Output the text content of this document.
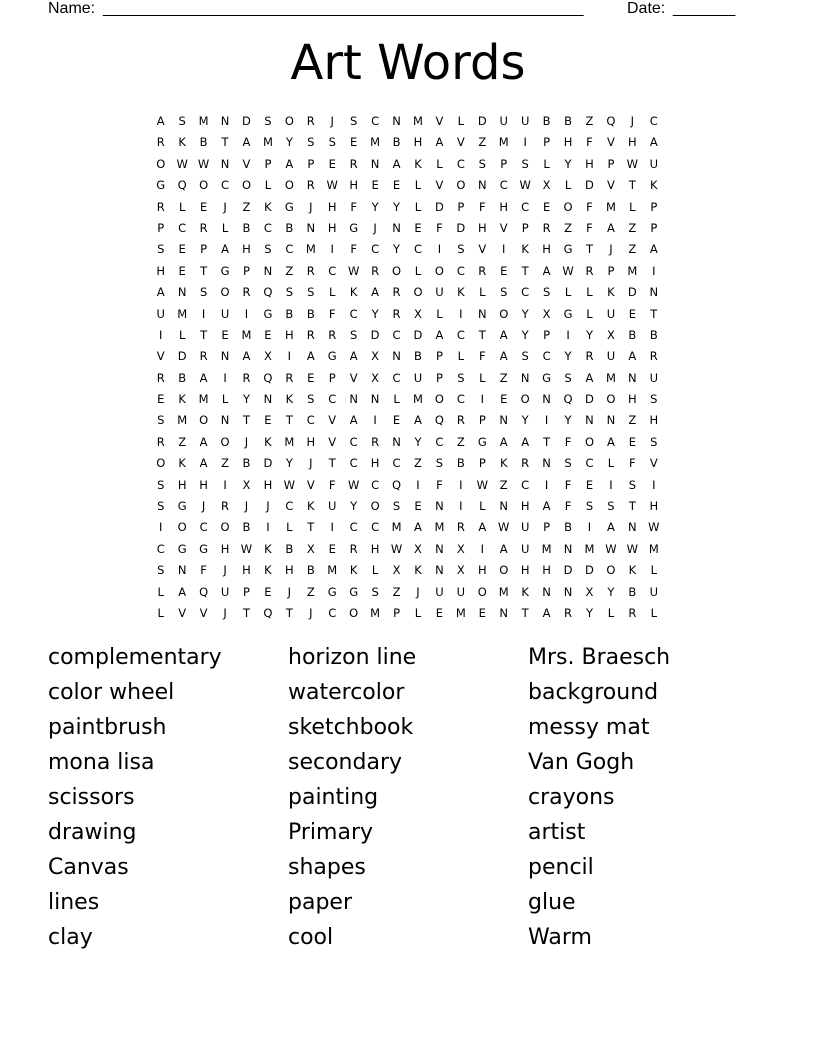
Name: ______________________________________________________	Date: _______
Art Words
A	S	M	N	D	S	O	R	J	S	C	N	M	V	L	D	U	U	B	B	Z	Q	J	C
R	K	B	T	A	M	Y	S	S	E	M	B	H	A	V	Z	M	I	P	H	F	V	H	A
O W W N	V	P	A	P	E	R	N	A	K	L	C	S	P	S	L	Y	H	P	W	U
G	Q	O	C	O	L	O	R	W H	E	E	L	V	O	N	C	W	X	L	D	V	T	K
R	L	E	J	Z	K	G	J	H	F	Y	Y	L	D	P	F	H	C	E	O	F	M	L	P
P	C	R	L	B	C	B	N	H	G	J	N	E	F	D	H	V	P	R	Z	F	A	Z	P
S	E	P	A	H	S	C	M	I	F	C	Y	C	I	S	V	I	K	H	G	T	J	Z	A
H	E	T	G	P	N	Z	R	C	W	R	O	L	O	C	R	E	T	A	W	R	P	M	I
A	N	S	O	R	Q	S	S	L	K	A	R	O	U	K	L	S	C	S	L	L	K	D	N
U	M	I	U	I	G	B	B	F	C	Y	R	X	L	I	N	O	Y	X	G	L	U	E	T
I	L	T	E	M	E	H	R	R	S	D	C	D	A	C	T	A	Y	P	I	Y	X	B	B
V	D	R	N	A	X	I	A	G	A	X	N	B	P	L	F	A	S	C	Y	R	U	A	R
R	B	A	I	R	Q	R	E	P	V	X	C	U	P	S	L	Z	N	G	S	A	M	N	U
E	K	M	L	Y	N	K	S	C	N	N	L	M	O	C	I	E	O	N	Q	D	O	H	S
S	M	O	N	T	E	T	C	V	A	I	E	A	Q	R	P	N	Y	I	Y	N	N	Z	H
R	Z	A	O	J	K	M	H	V	C	R	N	Y	C	Z	G	A	A	T	F	O	A	E	S
O	K	A	Z	B	D	Y	J	T	C	H	C	Z	S	B	P	K	R	N	S	C	L	F	V
S	H	H	I	X	H W	V	F	W	C	Q	I	F	I	W	Z	C	I	F	E	I	S	I
S	G	J	R	J	J	C	K	U	Y	O	S	E	N	I	L	N	H	A	F	S	S	T	H
I	O	C	O	B	I	L	T	I	C	C	M	A	M	R	A	W	U	P	B	I	A	N W
C	G	G	H W	K	B	X	E	R	H W	X	N	X	I	A	U	M	N	M W W M
S	N	F	J	H	K	H	B	M	K	L	X	K	N	X	H	O	H	H	D	D	O	K	L
L	A	Q	U	P	E	J	Z	G	G	S	Z	J	U	U	O	M	K	N	N	X	Y	B	U
L	V	V	J	T	Q	T	J	C	O	M	P	L	E	M	E	N	T	A	R	Y	L	R	L
complementary
color wheel
paintbrush
mona lisa
scissors
drawing
Canvas
lines
clay
horizon line
watercolor
sketchbook
secondary
painting
Primary
shapes
paper
cool
Mrs. Braesch
background
messy mat
Van Gogh
crayons
artist
pencil
glue
Warm
